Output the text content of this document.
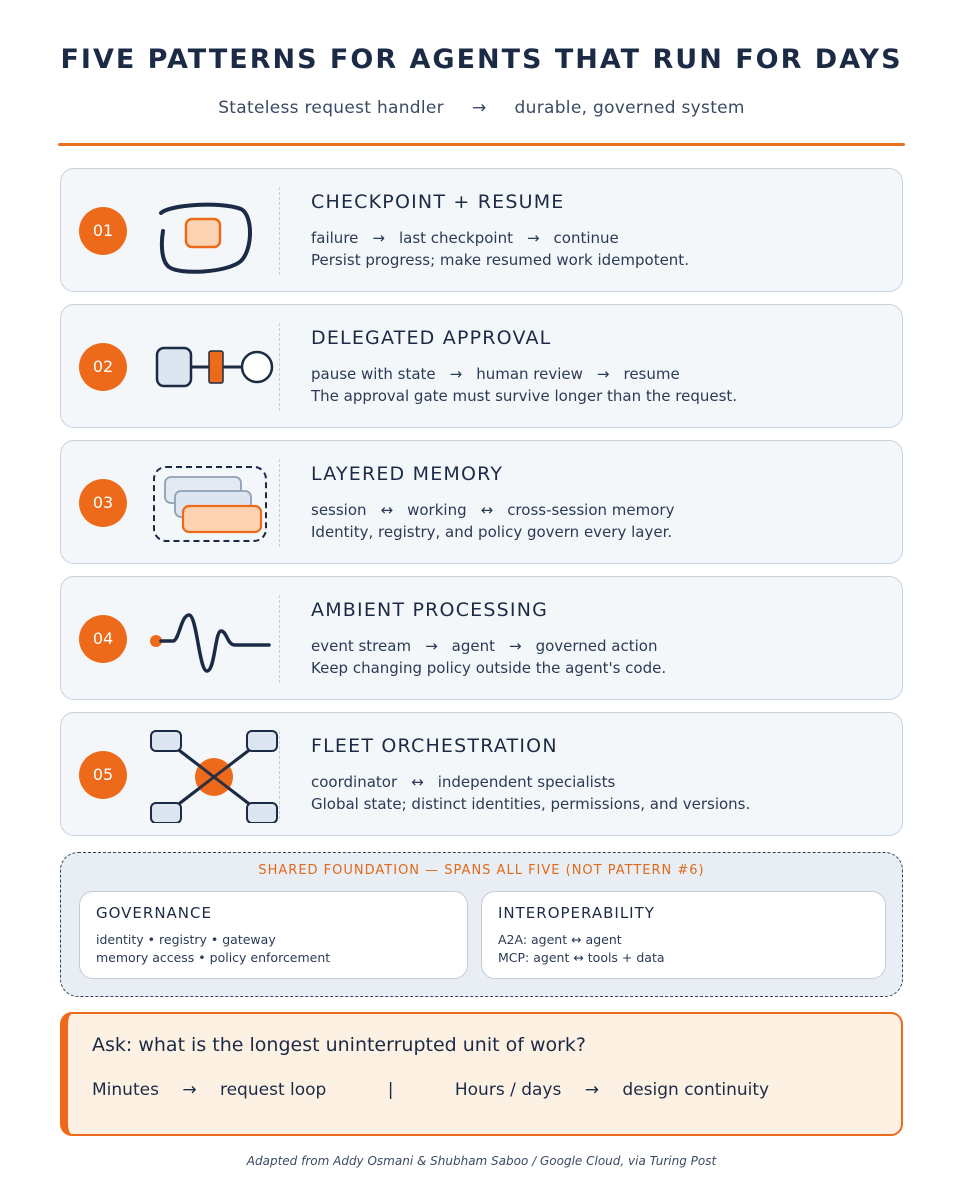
FIVE PATTERNS FOR AGENTS THAT RUN FOR DAYS
Stateless request handler → durable, governed system
01
CHECKPOINT + RESUME
failure → last checkpoint → continue
Persist progress; make resumed work idempotent.
02
DELEGATED APPROVAL
pause with state → human review → resume
The approval gate must survive longer than the request.
03
LAYERED MEMORY
session ↔ working ↔ cross-session memory
Identity, registry, and policy govern every layer.
04
AMBIENT PROCESSING
event stream → agent → governed action
Keep changing policy outside the agent's code.
05
FLEET ORCHESTRATION
coordinator ↔ independent specialists
Global state; distinct identities, permissions, and versions.
SHARED FOUNDATION — SPANS ALL FIVE (NOT PATTERN #6)
GOVERNANCE
identity • registry • gateway
memory access • policy enforcement
INTEROPERABILITY
A2A: agent ↔ agent
MCP: agent ↔ tools + data
Ask: what is the longest uninterrupted unit of work?
Minutes → request loop	|	Hours / days → design continuity
Adapted from Addy Osmani & Shubham Saboo / Google Cloud, via Turing Post
